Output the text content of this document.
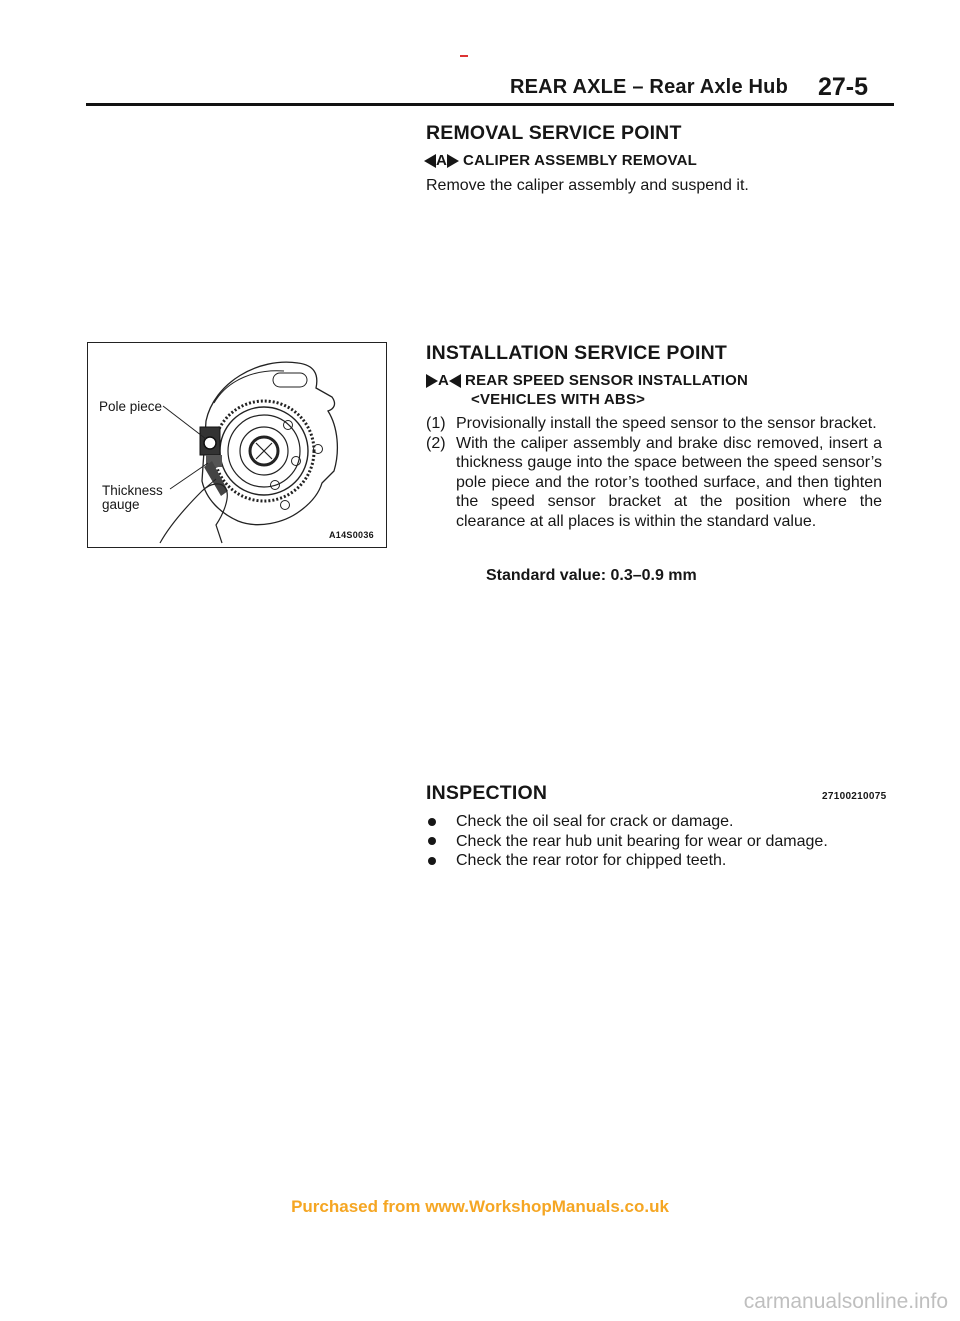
REAR AXLE – Rear Axle Hub 27-5
REMOVAL SERVICE POINT
A CALIPER ASSEMBLY REMOVAL
Remove the caliper assembly and suspend it.
Pole piece
Thickness
gauge
A14S0036
INSTALLATION SERVICE POINT
A REAR SPEED SENSOR INSTALLATION
<VEHICLES WITH ABS>
(1) Provisionally install the speed sensor to the sensor bracket.
(2) With the caliper assembly and brake disc removed, insert a thickness gauge into the space between the speed sensor’s pole piece and the rotor’s toothed surface, and then tighten the speed sensor bracket at the position where the clearance at all places is within the standard value.
Standard value: 0.3–0.9 mm
INSPECTION	27100210075
Check the oil seal for crack or damage.
Check the rear hub unit bearing for wear or damage.
Check the rear rotor for chipped teeth.
Purchased from www.WorkshopManuals.co.uk
carmanualsonline.info
